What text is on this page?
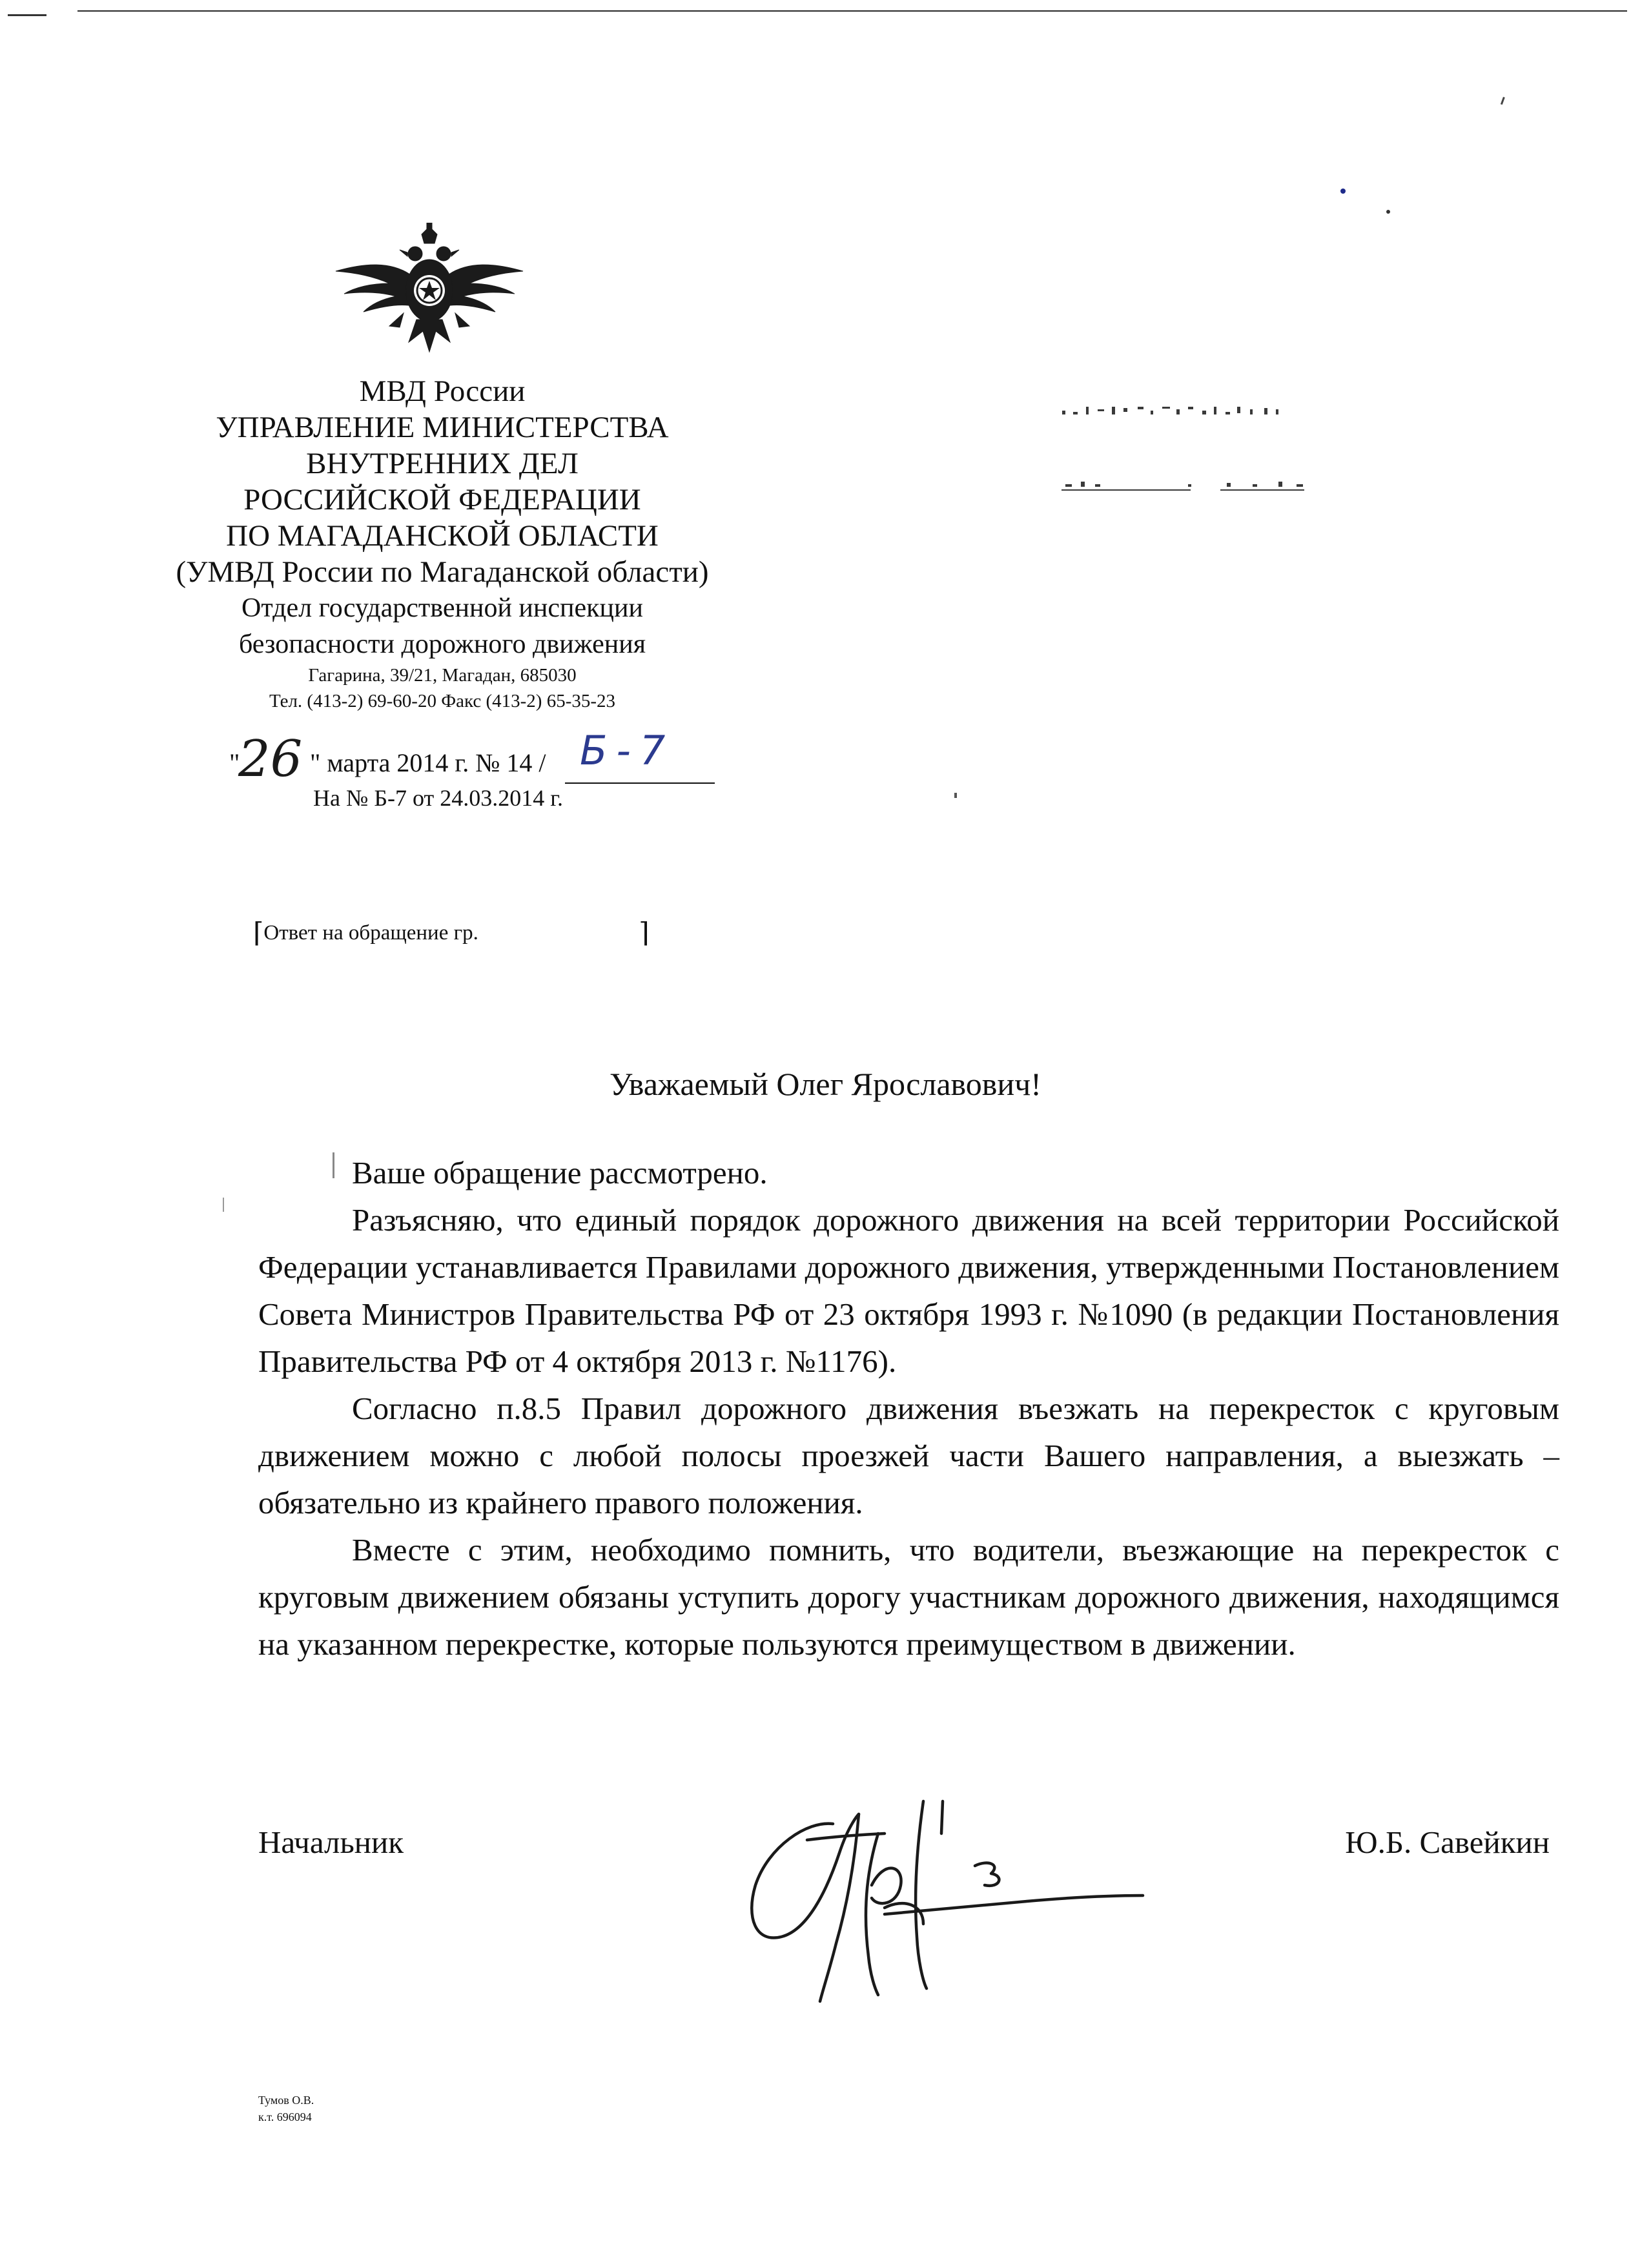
МВД России
УПРАВЛЕНИЕ МИНИСТЕРСТВА
ВНУТРЕННИХ ДЕЛ
РОССИЙСКОЙ ФЕДЕРАЦИИ
ПО МАГАДАНСКОЙ ОБЛАСТИ
(УМВД России по Магаданской области)
Отдел государственной инспекции
безопасности дорожного движения
Гагарина, 39/21, Магадан, 685030
Тел. (413-2) 69-60-20 Факс (413-2) 65-35-23
"
26 " марта 2014 г. № 14 / Б-7
На № Б-7 от 24.03.2014 г.
⌈Ответ на обращение гр.	⌉
Уважаемый Олег Ярославович!

Ваше обращение рассмотрено.

Разъясняю, что единый порядок дорожного движения на всей территории Российской Федерации устанавливается Правилами дорожного движения, утвержденными Постановлением Совета Министров Правительства РФ от 23 октября 1993 г. №1090 (в редакции Постановления Правительства РФ от 4 октября 2013 г. №1176).

Согласно п.8.5 Правил дорожного движения въезжать на перекресток с круговым движением можно с любой полосы проезжей части Вашего направления, а выезжать – обязательно из крайнего правого положения.

Вместе с этим, необходимо помнить, что водители, въезжающие на перекресток с круговым движением обязаны уступить дорогу участникам дорожного движения, находящимся на указанном перекрестке, которые пользуются преимуществом в движении.

Начальник	Ю.Б. Савейкин
Тумов О.В.
к.т. 696094
